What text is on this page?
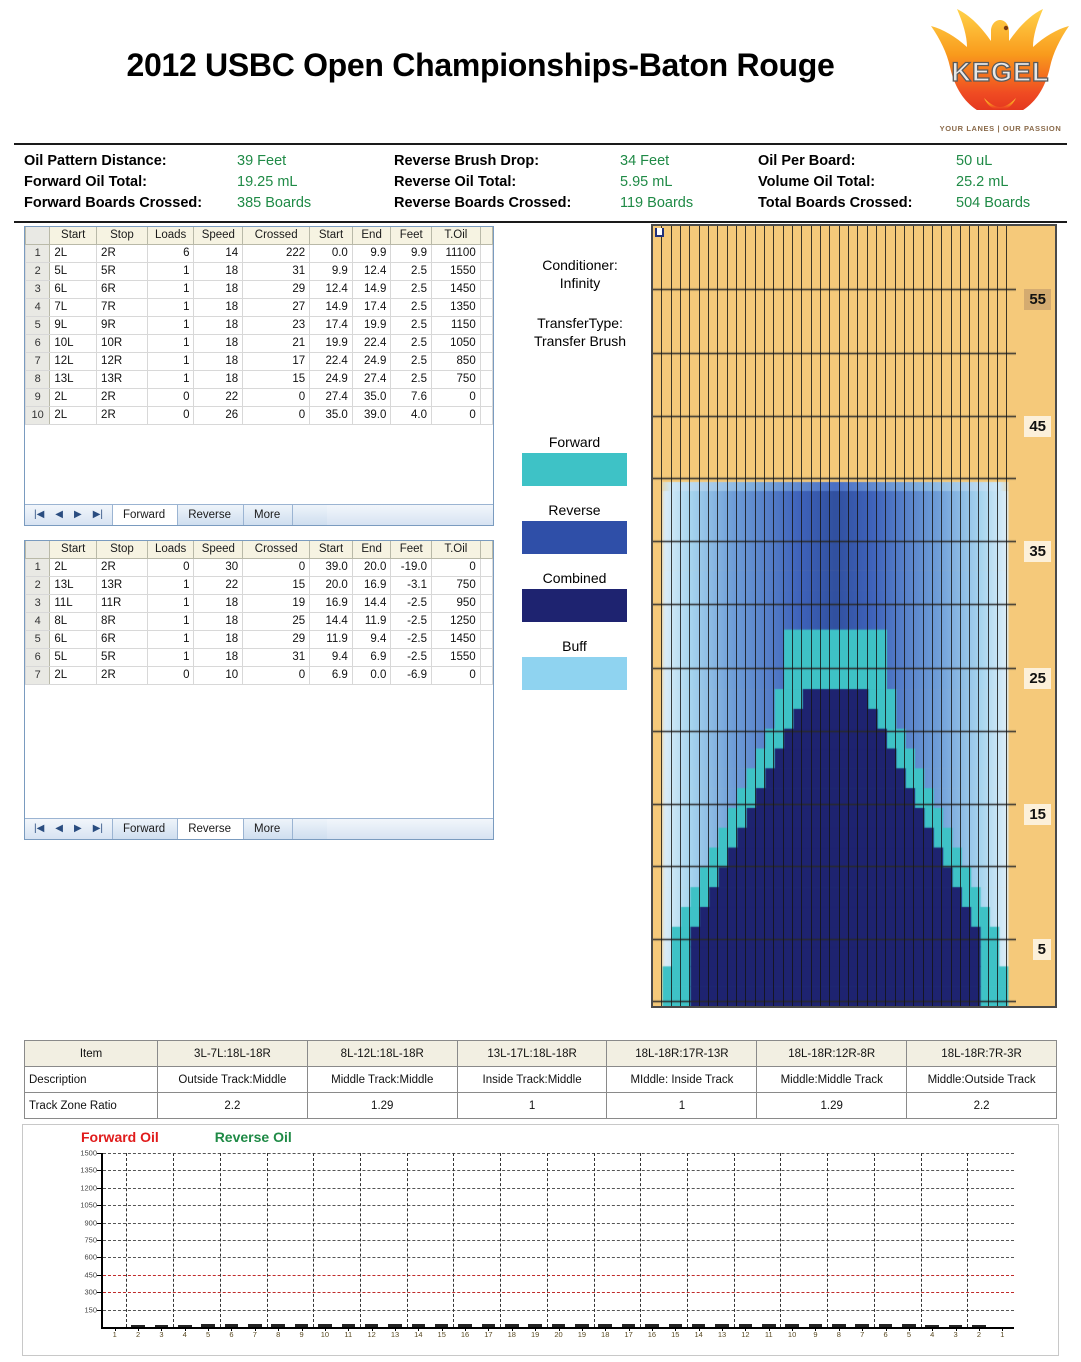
2012 USBC Open Championships-Baton Rouge	KEGEL
YOUR LANES | OUR PASSION
Oil Pattern Distance:	39 Feet	Reverse Brush Drop:	34 Feet	Oil Per Board:	50 uL
Forward Oil Total:	19.25 mL	Reverse Oil Total:	5.95 mL	Volume Oil Total:	25.2 mL
Forward Boards Crossed:	385 Boards	Reverse Boards Crossed:	119 Boards	Total Boards Crossed:	504 Boards
	Start	Stop	Loads	Speed	Crossed	Start	End	Feet	T.Oil	
1	2L	2R	6	14	222	0.0	9.9	9.9	11100	
2	5L	5R	1	18	31	9.9	12.4	2.5	1550	
3	6L	6R	1	18	29	12.4	14.9	2.5	1450	
4	7L	7R	1	18	27	14.9	17.4	2.5	1350	
5	9L	9R	1	18	23	17.4	19.9	2.5	1150	
6	10L	10R	1	18	21	19.9	22.4	2.5	1050	
7	12L	12R	1	18	17	22.4	24.9	2.5	850	
8	13L	13R	1	18	15	24.9	27.4	2.5	750	
9	2L	2R	0	22	0	27.4	35.0	7.6	0	
10	2L	2R	0	26	0	35.0	39.0	4.0	0	
|◀ ◀ ▶ ▶|	Forward	Reverse	More
	Start	Stop	Loads	Speed	Crossed	Start	End	Feet	T.Oil	
1	2L	2R	0	30	0	39.0	20.0	-19.0	0	
2	13L	13R	1	22	15	20.0	16.9	-3.1	750	
3	11L	11R	1	18	19	16.9	14.4	-2.5	950	
4	8L	8R	1	18	25	14.4	11.9	-2.5	1250	
5	6L	6R	1	18	29	11.9	9.4	-2.5	1450	
6	5L	5R	1	18	31	9.4	6.9	-2.5	1550	
7	2L	2R	0	10	0	6.9	0.0	-6.9	0	
|◀ ◀ ▶ ▶|	Forward	Reverse	More
Conditioner:
Infinity
TransferType:
Transfer Brush
Forward
Reverse
Combined
Buff
55
45
35
25
15
5
Item	3L-7L:18L-18R	8L-12L:18L-18R	13L-17L:18L-18R	18L-18R:17R-13R	18L-18R:12R-8R	18L-18R:7R-3R
Description	Outside Track:Middle	Middle Track:Middle	Inside Track:Middle	MIddle: Inside Track	Middle:Middle Track	Middle:Outside Track
Track Zone Ratio	2.2	1.29	1	1	1.29	2.2
Forward Oil	Reverse Oil
1	2	3	4	5	6	7	8	9	10	11	12	13	14	15	16	17	18	19	20	19	18	17	16	15	14	13	12	11	10	9	8	7	6	5	4	3	2	1
150
300
450
600
750
900
1050
1200
1350
1500
